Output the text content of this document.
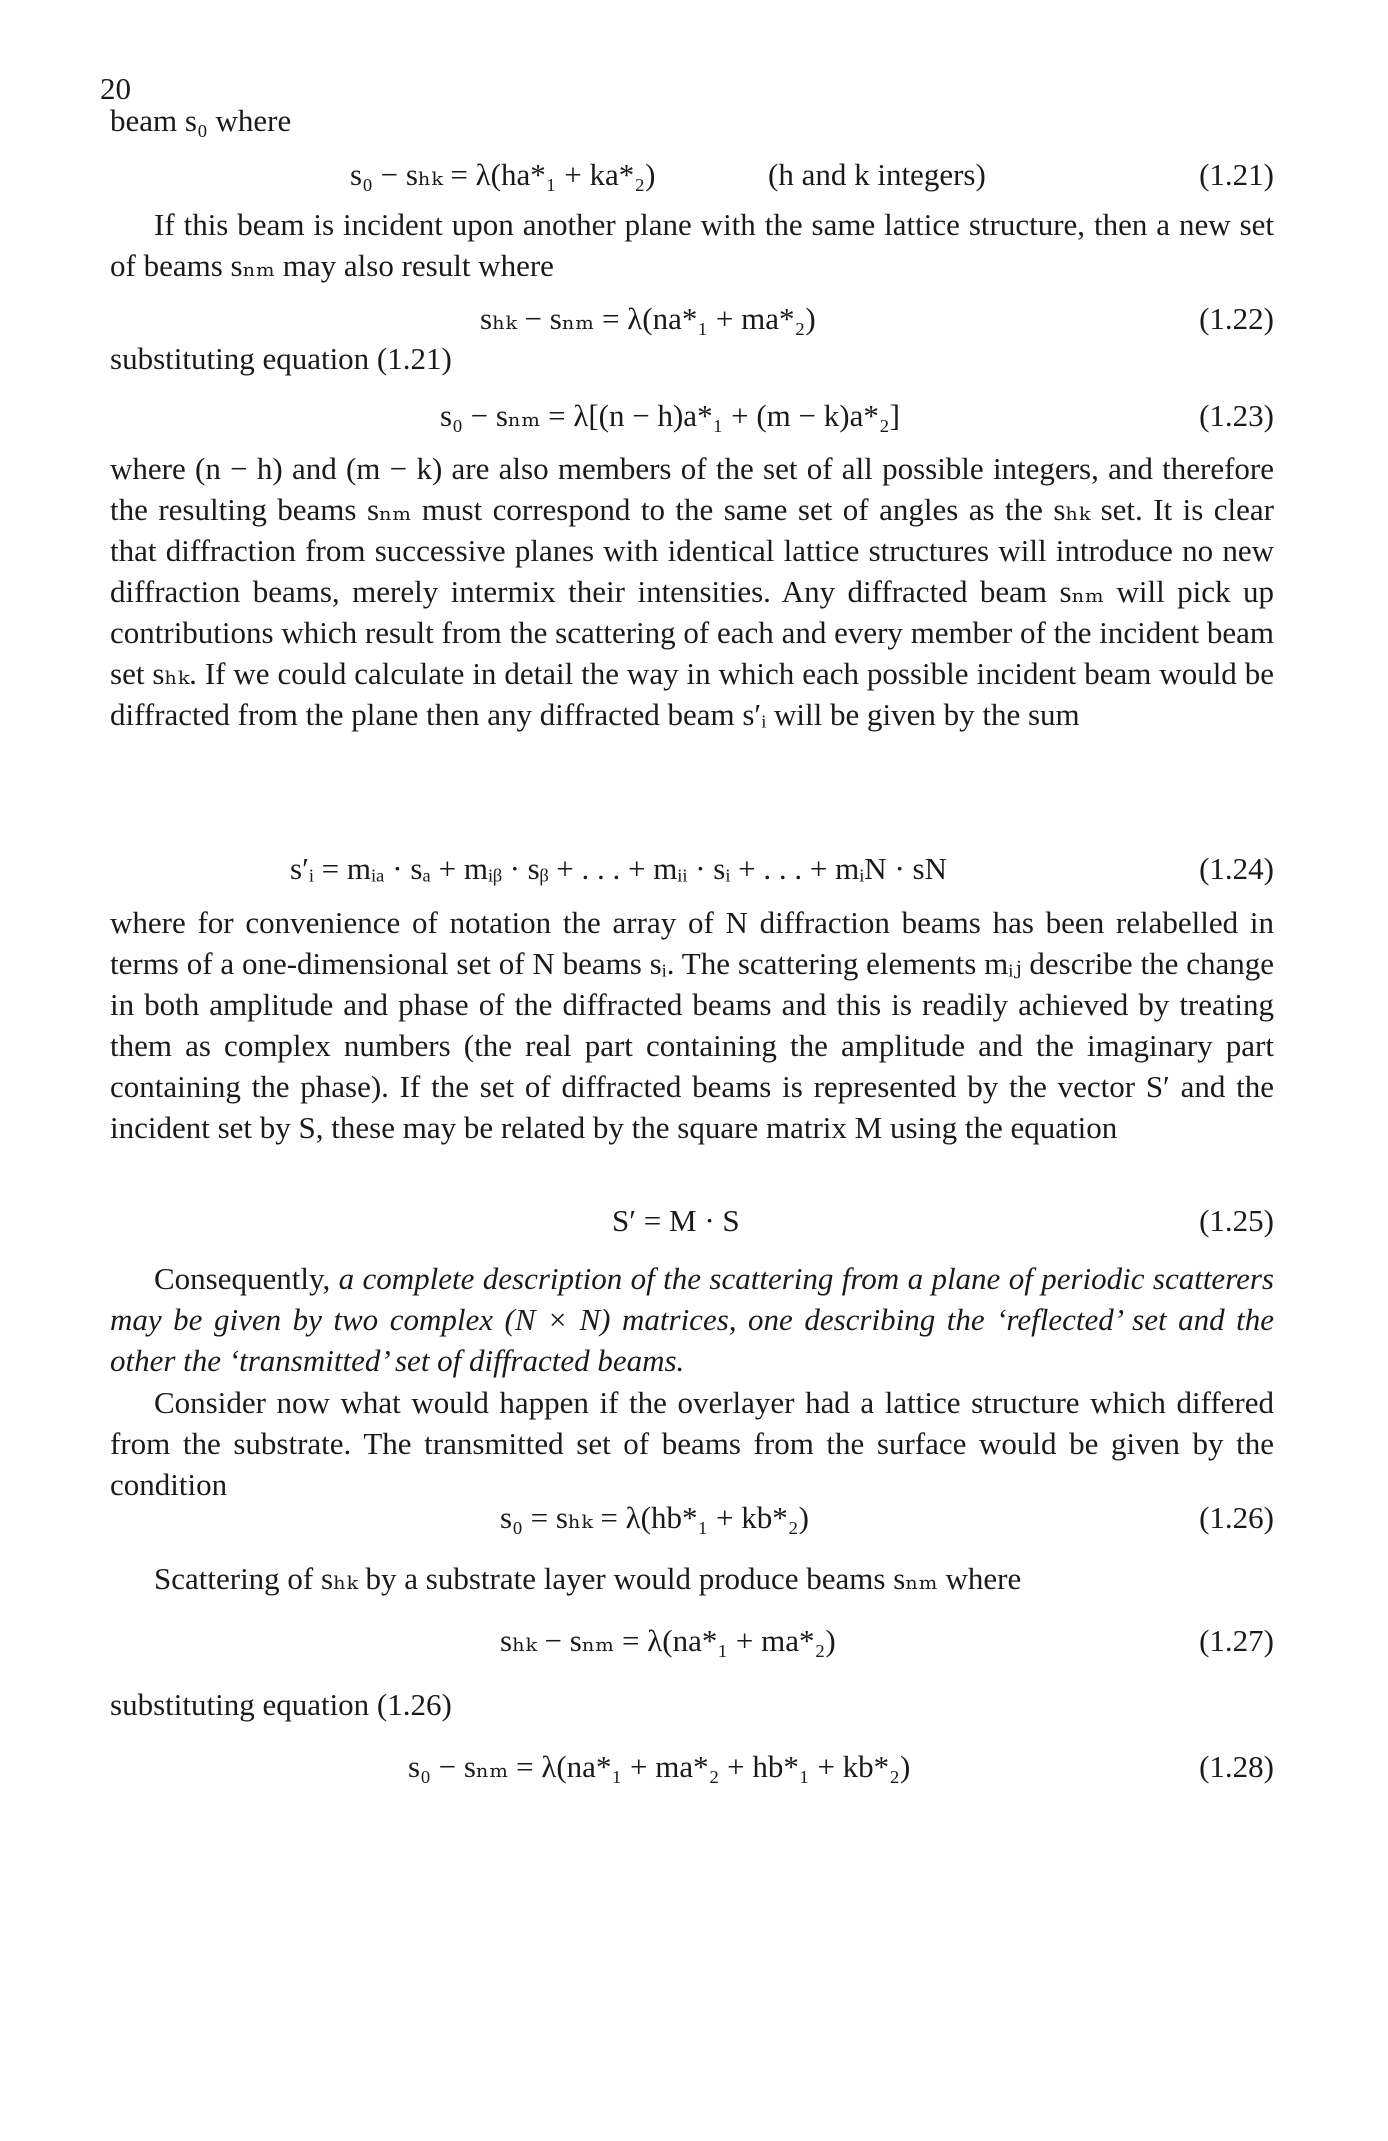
20

beam s₀ where

s₀ − sₕₖ = λ(ha*₁ + ka*₂)	(h and k integers)	(1.21)

If this beam is incident upon another plane with the same lattice structure, then a new set of beams sₙₘ may also result where

sₕₖ − sₙₘ = λ(na*₁ + ma*₂)	(1.22)

substituting equation (1.21)

s₀ − sₙₘ = λ[(n − h)a*₁ + (m − k)a*₂]	(1.23)

where (n − h) and (m − k) are also members of the set of all possible integers, and therefore the resulting beams sₙₘ must correspond to the same set of angles as the sₕₖ set. It is clear that diffraction from successive planes with identical lattice structures will introduce no new diffraction beams, merely intermix their intensities. Any diffracted beam sₙₘ will pick up contributions which result from the scattering of each and every member of the incident beam set sₕₖ. If we could calculate in detail the way in which each possible incident beam would be diffracted from the plane then any diffracted beam s′ᵢ will be given by the sum

s′ᵢ = mᵢₐ · sₐ + mᵢᵦ · sᵦ + . . . + mᵢᵢ · sᵢ + . . . + mᵢN · sN	(1.24)

where for convenience of notation the array of N diffraction beams has been relabelled in terms of a one-dimensional set of N beams sᵢ. The scattering elements mᵢⱼ describe the change in both amplitude and phase of the diffracted beams and this is readily achieved by treating them as complex numbers (the real part containing the amplitude and the imaginary part containing the phase). If the set of diffracted beams is represented by the vector S′ and the incident set by S, these may be related by the square matrix M using the equation

S′ = M · S	(1.25)

Consequently, a complete description of the scattering from a plane of periodic scatterers may be given by two complex (N × N) matrices, one describing the ‘reflected’ set and the other the ‘transmitted’ set of diffracted beams.

Consider now what would happen if the overlayer had a lattice structure which differed from the substrate. The transmitted set of beams from the surface would be given by the condition

s₀ = sₕₖ = λ(hb*₁ + kb*₂)	(1.26)

Scattering of sₕₖ by a substrate layer would produce beams sₙₘ where

sₕₖ − sₙₘ = λ(na*₁ + ma*₂)	(1.27)

substituting equation (1.26)

s₀ − sₙₘ = λ(na*₁ + ma*₂ + hb*₁ + kb*₂)	(1.28)
